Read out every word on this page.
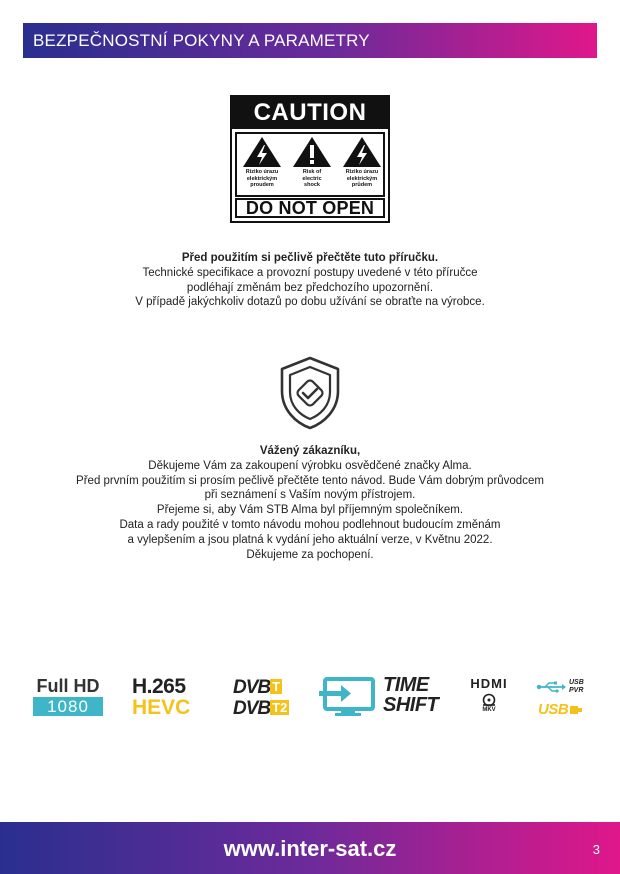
BEZPEČNOSTNÍ POKYNY A PARAMETRY
CAUTION
Riziko úrazu
elektrickým
proudem
Risk of
electric
shock
Riziko úrazu
elektrickým
průdem
DO NOT OPEN
Před použitím si pečlivě přečtěte tuto příručku.
Technické specifikace a provozní postupy uvedené v této příručce
podléhají změnám bez předchozího upozornění.
V případě jakýchkoliv dotazů po dobu užívání se obraťte na výrobce.
Vážený zákazníku,
Děkujeme Vám za zakoupení výrobku osvědčené značky Alma.
Před prvním použitím si prosím pečlivě přečtěte tento návod. Bude Vám dobrým průvodcem
při seznámení s Vaším novým přístrojem.
Přejeme si, aby Vám STB Alma byl příjemným společníkem.
Data a rady použité v tomto návodu mohou podlehnout budoucím změnám
a vylepšením a jsou platná k vydání jeho aktuální verze, v Květnu 2022.
Děkujeme za pochopení.
Full HD
1080
H.265
HEVC
DVB T
DVB T2
TIME
SHIFT
HDMI
MKV
USB
PVR
USB
www.inter-sat.cz	3
